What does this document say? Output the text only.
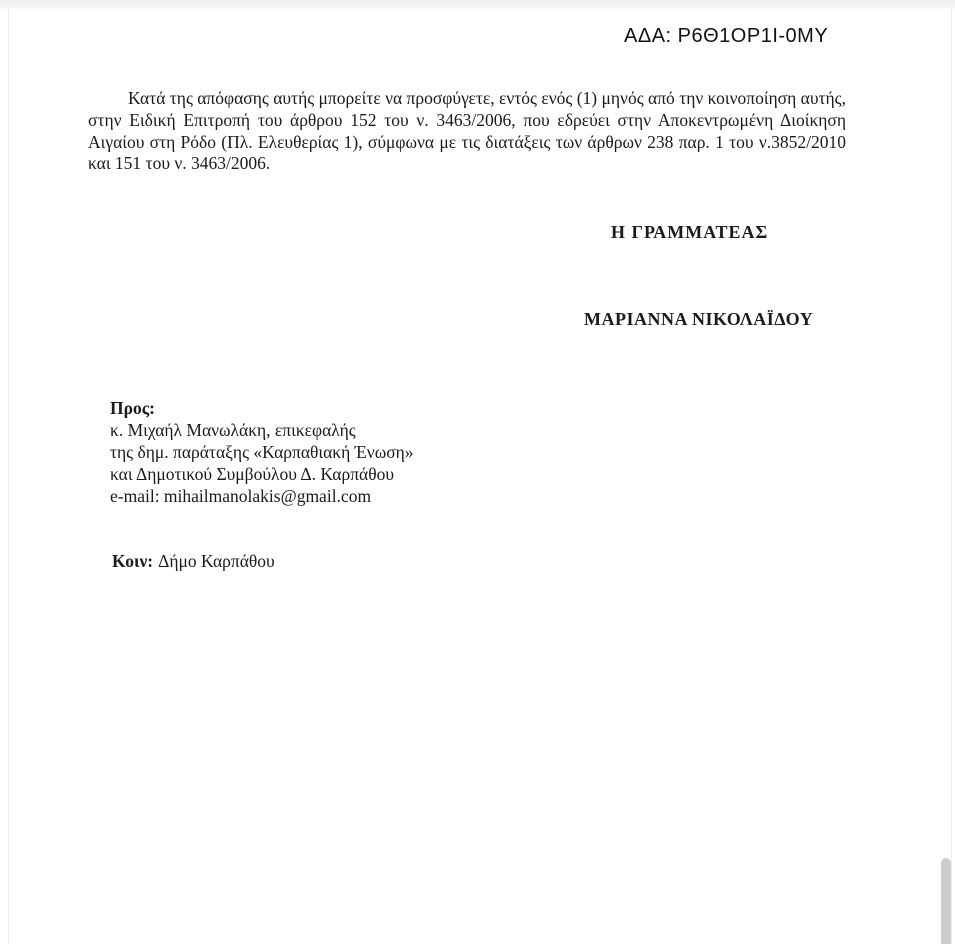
ΑΔΑ: Ρ6Θ1ΟΡ1Ι-0ΜΥ

Κατά της απόφασης αυτής μπορείτε να προσφύγετε, εντός ενός (1) μηνός από την κοινοποίηση αυτής, στην Ειδική Επιτροπή του άρθρου 152 του ν. 3463/2006, που εδρεύει στην Αποκεντρωμένη Διοίκηση Αιγαίου στη Ρόδο (Πλ. Ελευθερίας 1), σύμφωνα με τις διατάξεις των άρθρων 238 παρ. 1 του ν.3852/2010 και 151 του ν. 3463/2006.

Η ΓΡΑΜΜΑΤΕΑΣ
ΜΑΡΙΑΝΝΑ ΝΙΚΟΛΑΪΔΟΥ
Προς:
κ. Μιχαήλ Μανωλάκη, επικεφαλής
της δημ. παράταξης «Καρπαθιακή Ένωση»
και Δημοτικού Συμβούλου Δ. Καρπάθου
e-mail: mihailmanolakis@gmail.com
Κοιν: Δήμο Καρπάθου
